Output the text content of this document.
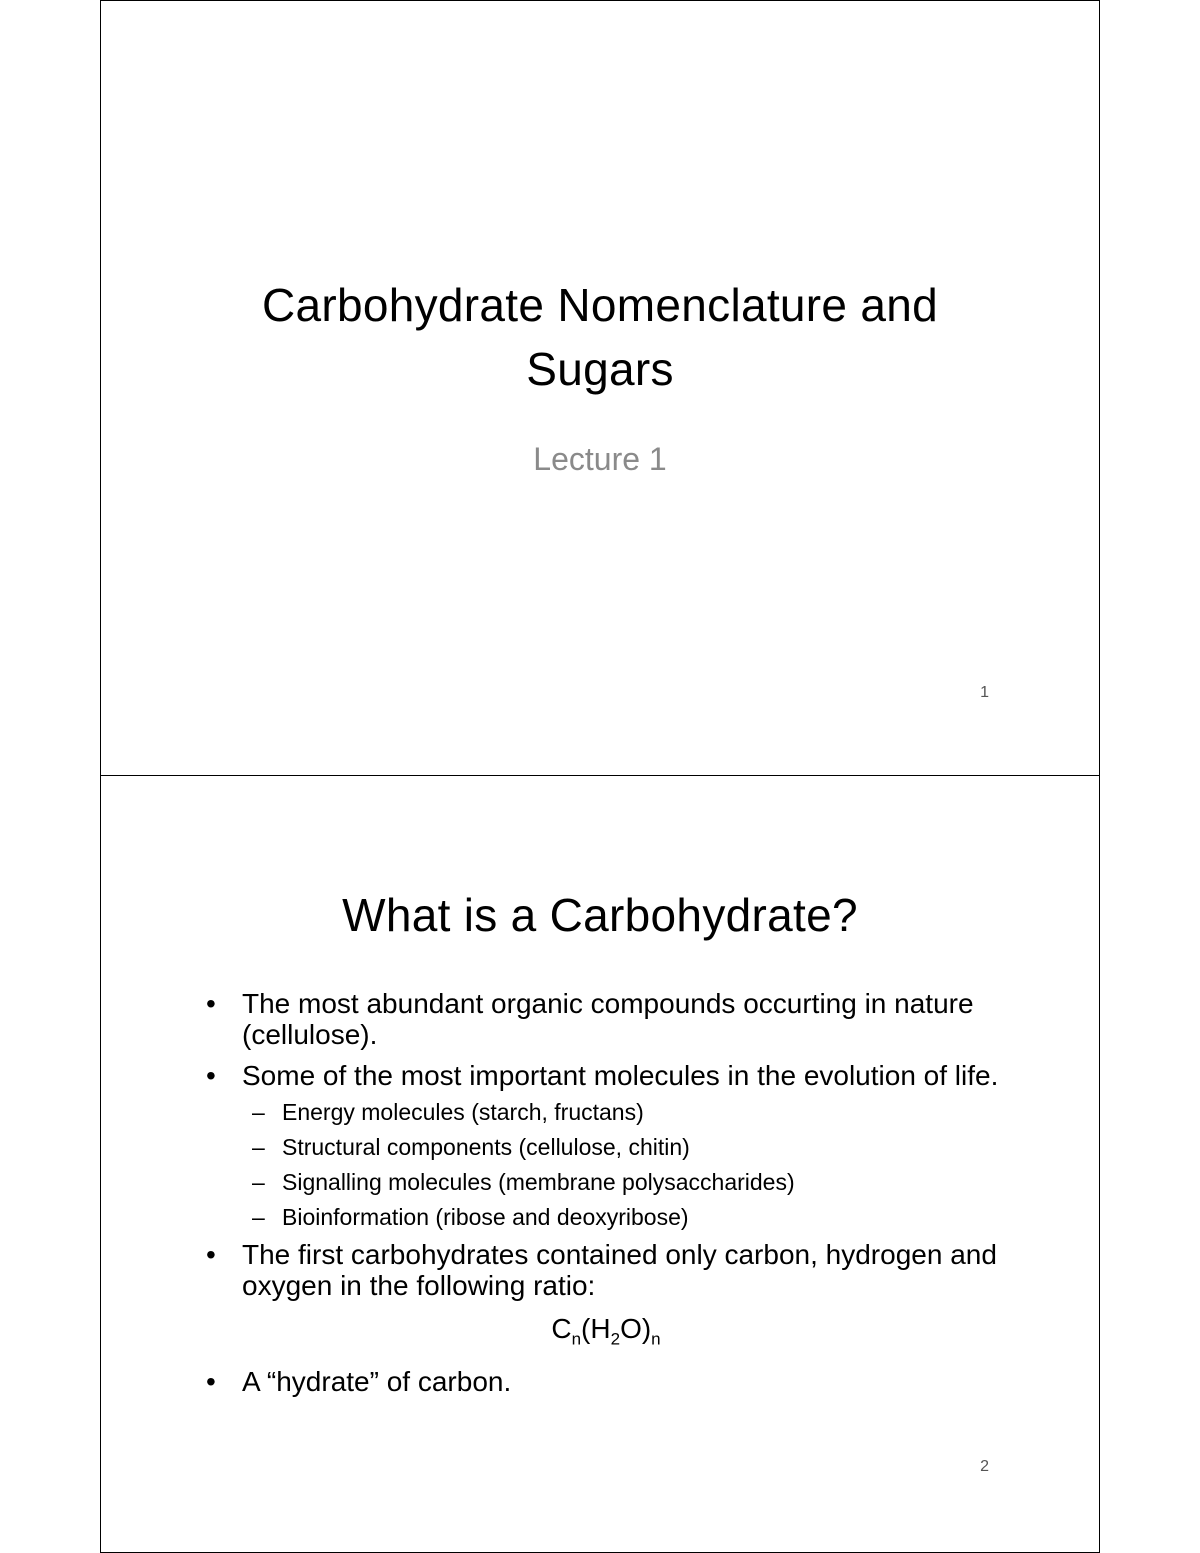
Carbohydrate Nomenclature and
Sugars
Lecture 1
1
What is a Carbohydrate?
• The most abundant organic compounds occurting in nature (cellulose).
• Some of the most important molecules in the evolution of life.
– Energy molecules (starch, fructans)
– Structural components (cellulose, chitin)
– Signalling molecules (membrane polysaccharides)
– Bioinformation (ribose and deoxyribose)
• The first carbohydrates contained only carbon, hydrogen and oxygen in the following ratio:
$C_n(H_2O)_n$
• A “hydrate” of carbon.
2
